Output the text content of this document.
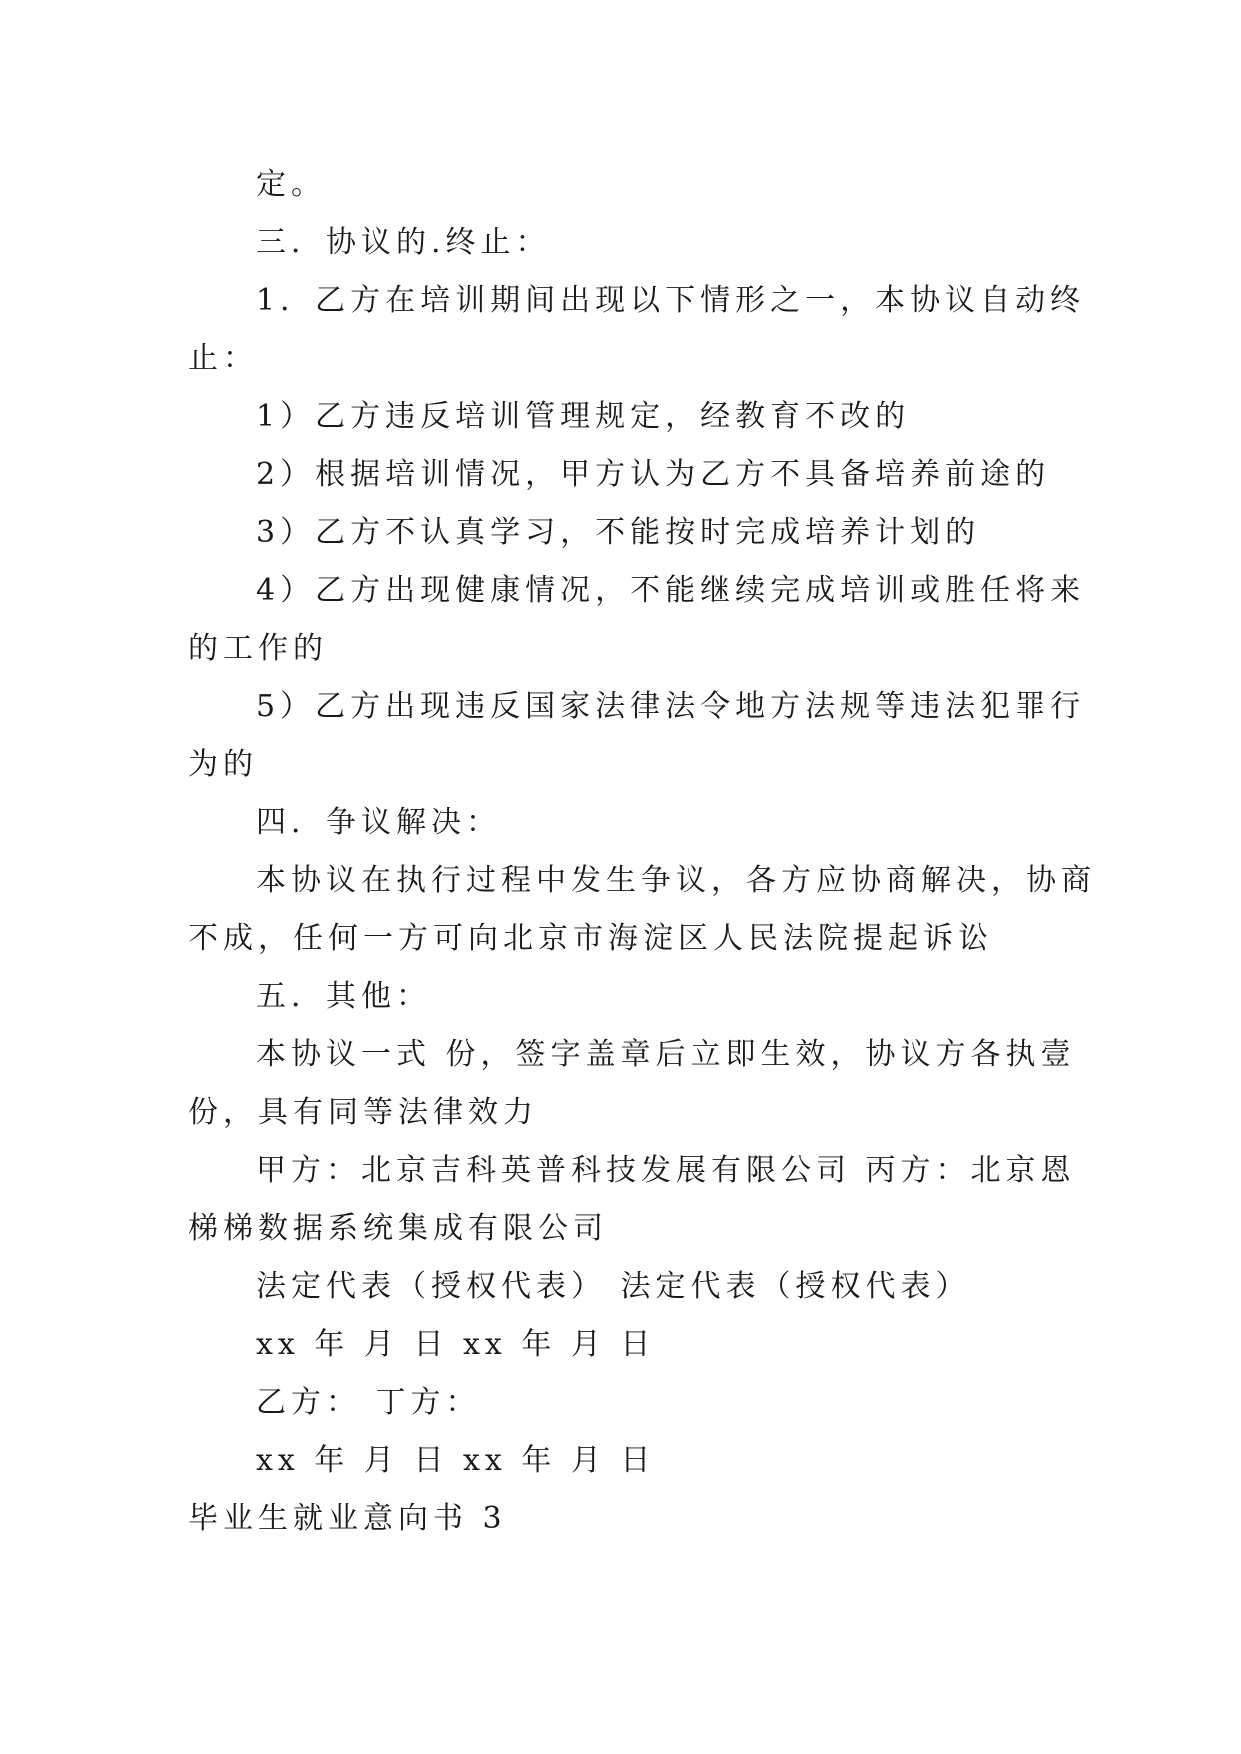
定。
三．协议的.终止：
1．乙方在培训期间出现以下情形之一，本协议自动终
止：
1）乙方违反培训管理规定，经教育不改的
2）根据培训情况，甲方认为乙方不具备培养前途的
3）乙方不认真学习，不能按时完成培养计划的
4）乙方出现健康情况，不能继续完成培训或胜任将来
的工作的
5）乙方出现违反国家法律法令地方法规等违法犯罪行
为的
四．争议解决：
本协议在执行过程中发生争议，各方应协商解决，协商
不成，任何一方可向北京市海淀区人民法院提起诉讼
五．其他：
本协议一式 份，签字盖章后立即生效，协议方各执壹
份，具有同等法律效力
甲方：北京吉科英普科技发展有限公司 丙方：北京恩
梯梯数据系统集成有限公司
法定代表（授权代表） 法定代表（授权代表）
xx 年 月 日 xx 年 月 日
乙方： 丁方：
xx 年 月 日 xx 年 月 日
毕业生就业意向书 3
